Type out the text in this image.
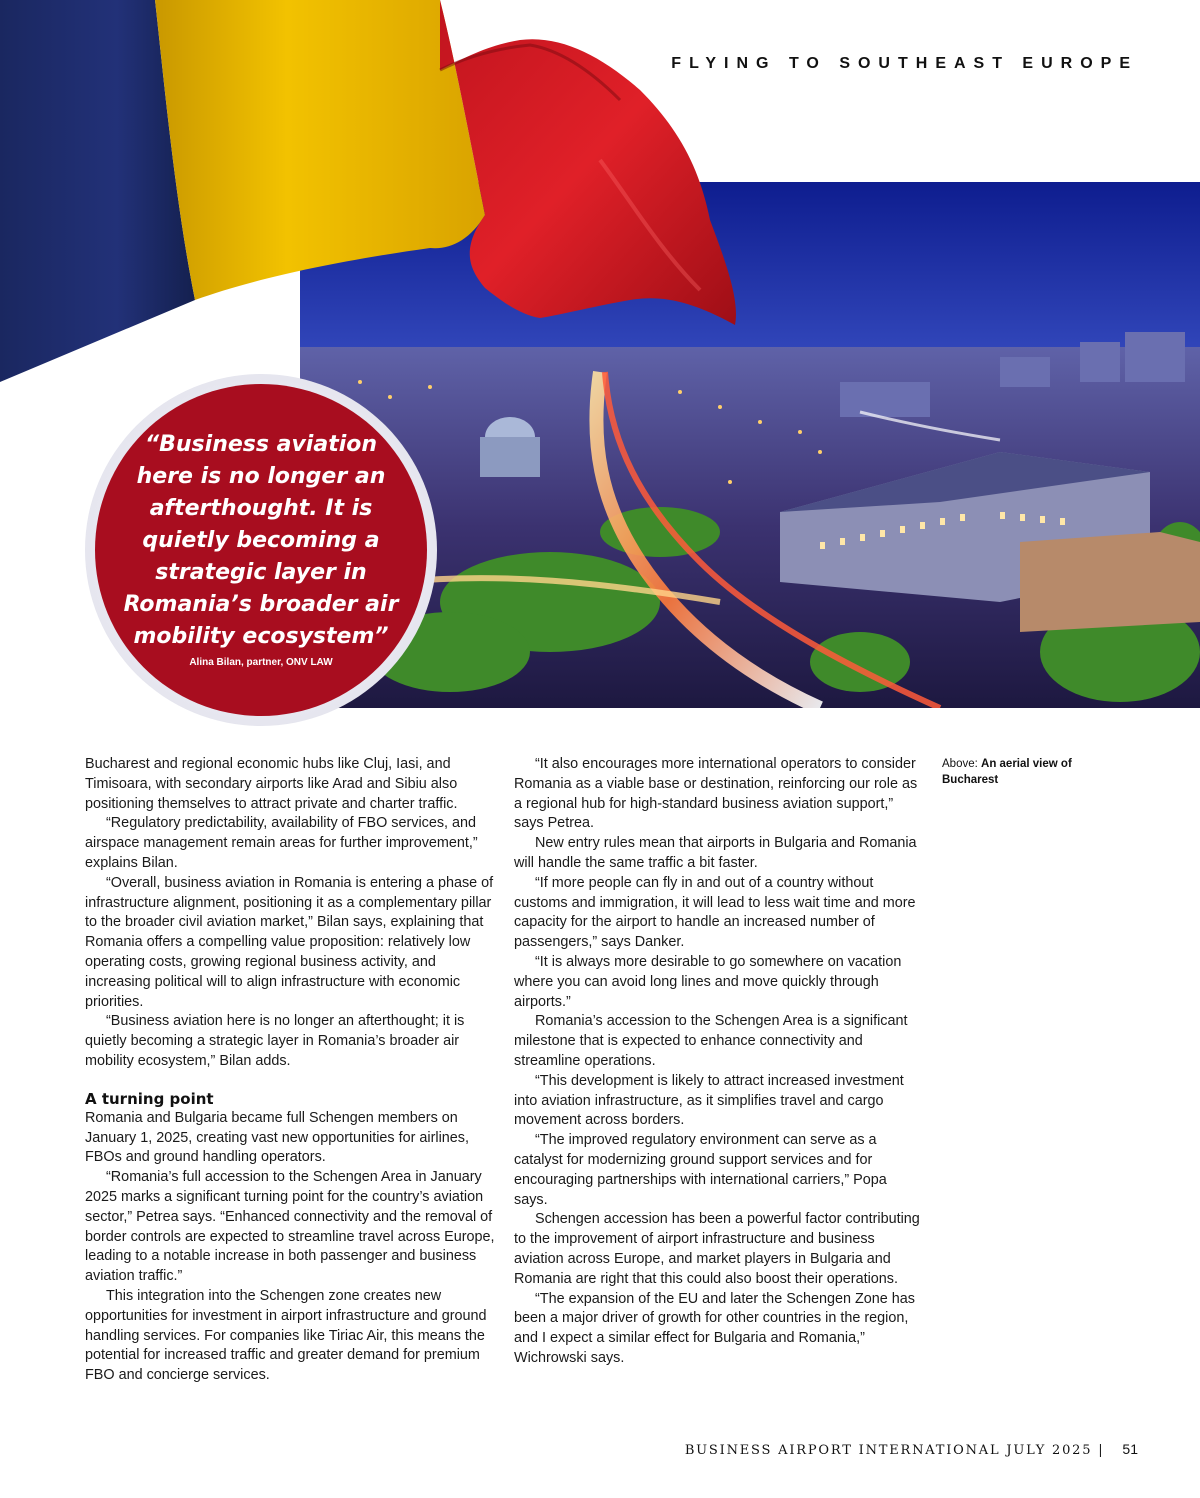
FLYING TO SOUTHEAST EUROPE
“Business aviation here is no longer an afterthought. It is quietly becoming a strategic layer in Romania’s broader air mobility ecosystem”
Alina Bilan, partner, ONV LAW

Bucharest and regional economic hubs like Cluj, Iasi, and Timisoara, with secondary airports like Arad and Sibiu also positioning themselves to attract private and charter traffic.

“Regulatory predictability, availability of FBO services, and airspace management remain areas for further improvement,” explains Bilan.

“Overall, business aviation in Romania is entering a phase of infrastructure alignment, positioning it as a complementary pillar to the broader civil aviation market,” Bilan says, explaining that Romania offers a compelling value proposition: relatively low operating costs, growing regional business activity, and increasing political will to align infrastructure with economic priorities.

“Business aviation here is no longer an afterthought; it is quietly becoming a strategic layer in Romania’s broader air mobility ecosystem,” Bilan adds.

A turning point

Romania and Bulgaria became full Schengen members on January 1, 2025, creating vast new opportunities for airlines, FBOs and ground handling operators.

“Romania’s full accession to the Schengen Area in January 2025 marks a significant turning point for the country’s aviation sector,” Petrea says. “Enhanced connectivity and the removal of border controls are expected to streamline travel across Europe, leading to a notable increase in both passenger and business aviation traffic.”

This integration into the Schengen zone creates new opportunities for investment in airport infrastructure and ground handling services. For companies like Tiriac Air, this means the potential for increased traffic and greater demand for premium FBO and concierge services.

“It also encourages more international operators to consider Romania as a viable base or destination, reinforcing our role as a regional hub for high-standard business aviation support,” says Petrea.

New entry rules mean that airports in Bulgaria and Romania will handle the same traffic a bit faster.

“If more people can fly in and out of a country without customs and immigration, it will lead to less wait time and more capacity for the airport to handle an increased number of passengers,” says Danker.

“It is always more desirable to go somewhere on vacation where you can avoid long lines and move quickly through airports.”

Romania’s accession to the Schengen Area is a significant milestone that is expected to enhance connectivity and streamline operations.

“This development is likely to attract increased investment into aviation infrastructure, as it simplifies travel and cargo movement across borders.

“The improved regulatory environment can serve as a catalyst for modernizing ground support services and for encouraging partnerships with international carriers,” Popa says.

Schengen accession has been a powerful factor contributing to the improvement of airport infrastructure and business aviation across Europe, and market players in Bulgaria and Romania are right that this could also boost their operations.

“The expansion of the EU and later the Schengen Zone has been a major driver of growth for other countries in the region, and I expect a similar effect for Bulgaria and Romania,” Wichrowski says.

Above: An aerial view of Bucharest
BUSINESS AIRPORT INTERNATIONAL JULY 2025 | 51
